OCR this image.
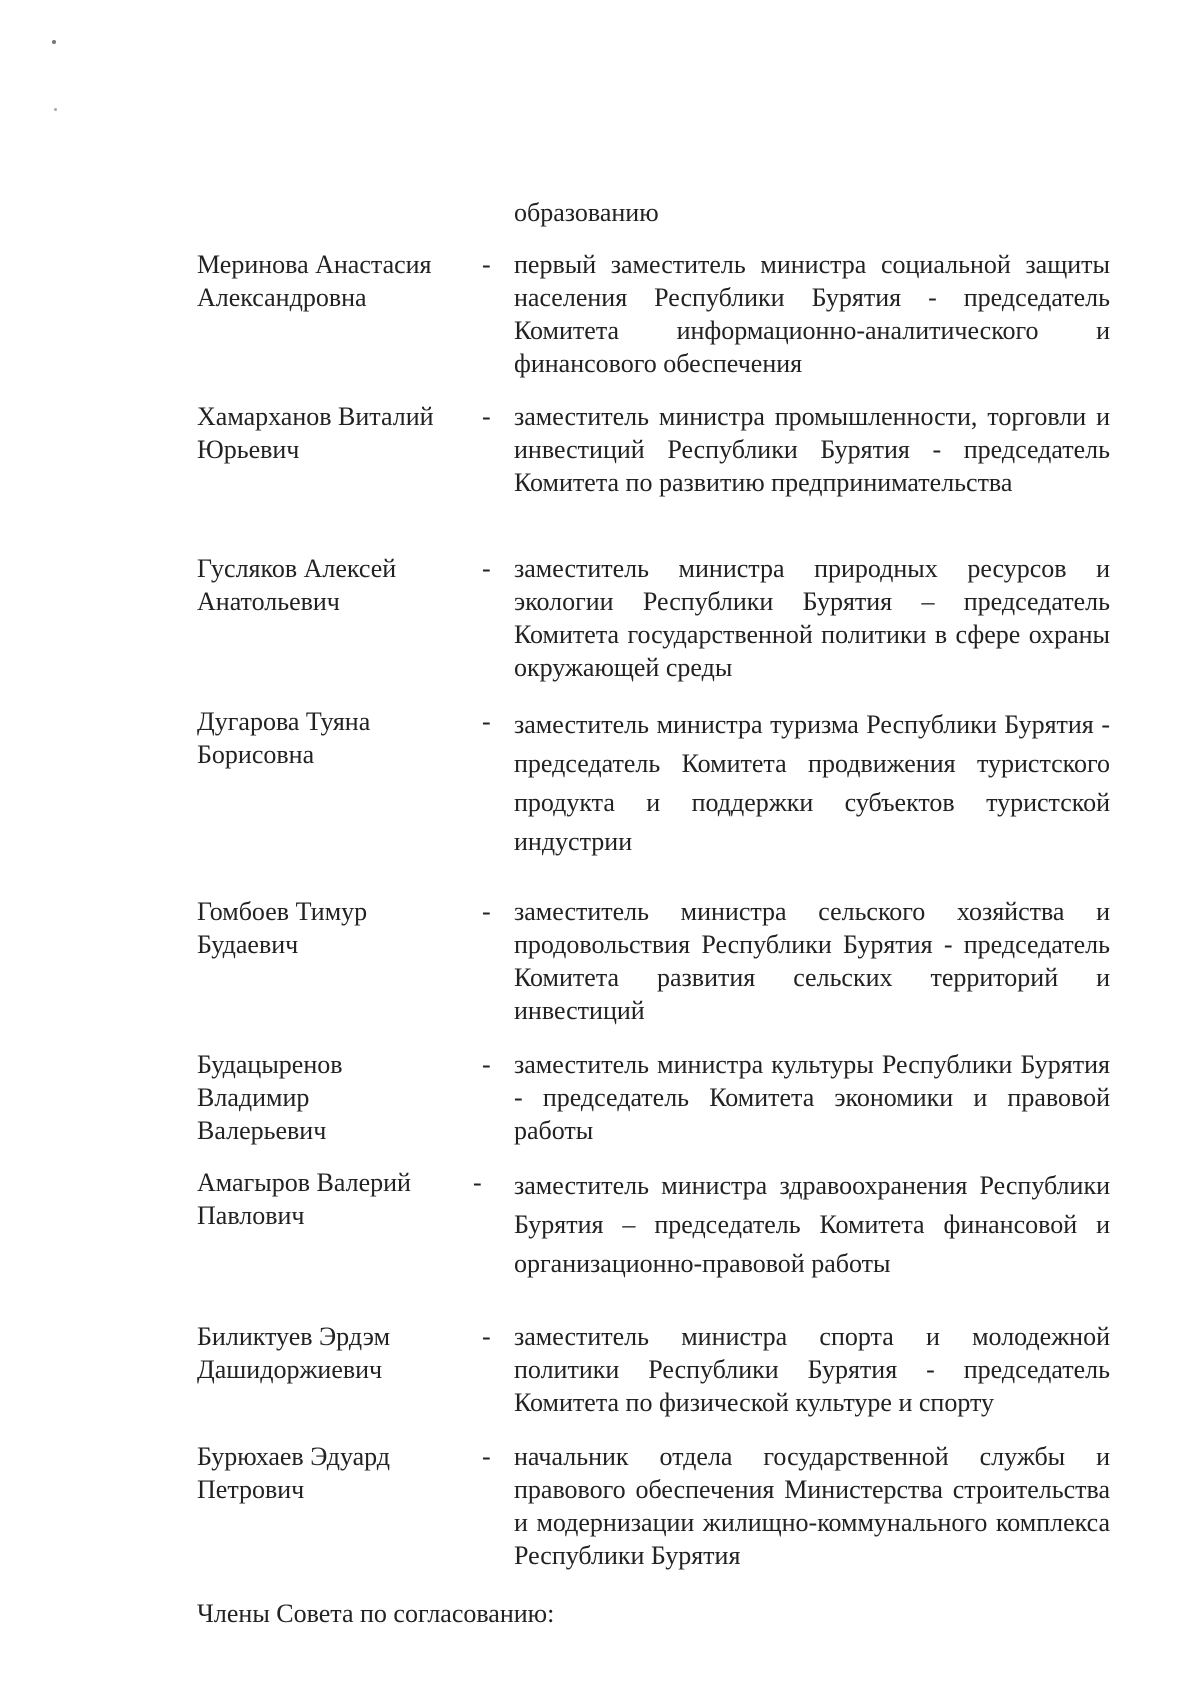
образованию
Меринова Анастасия
Александровна
- первый заместитель министра социальной защиты населения Республики Бурятия - председатель Комитета информационно-аналитического и финансового обеспечения
Хамарханов Виталий
Юрьевич
- заместитель министра промышленности, торговли и инвестиций Республики Бурятия - председатель Комитета по развитию предпринимательства
Гусляков Алексей
Анатольевич
- заместитель министра природных ресурсов и экологии Республики Бурятия – председатель Комитета государственной политики в сфере охраны окружающей среды
Дугарова Туяна
Борисовна
- заместитель министра туризма Республики Бурятия - председатель Комитета продвижения туристского продукта и поддержки субъектов туристской индустрии
Гомбоев Тимур
Будаевич
- заместитель министра сельского хозяйства и продовольствия Республики Бурятия - председатель Комитета развития сельских территорий и инвестиций
Будацыренов
Владимир
Валерьевич
- заместитель министра культуры Республики Бурятия - председатель Комитета экономики и правовой работы
Амагыров Валерий
Павлович
- заместитель министра здравоохранения Республики Бурятия – председатель Комитета финансовой и организационно-правовой работы
Биликтуев Эрдэм
Дашидоржиевич
- заместитель министра спорта и молодежной политики Республики Бурятия - председатель Комитета по физической культуре и спорту
Бурюхаев Эдуард
Петрович
- начальник отдела государственной службы и правового обеспечения Министерства строительства и модернизации жилищно-коммунального комплекса Республики Бурятия
Члены Совета по согласованию:
